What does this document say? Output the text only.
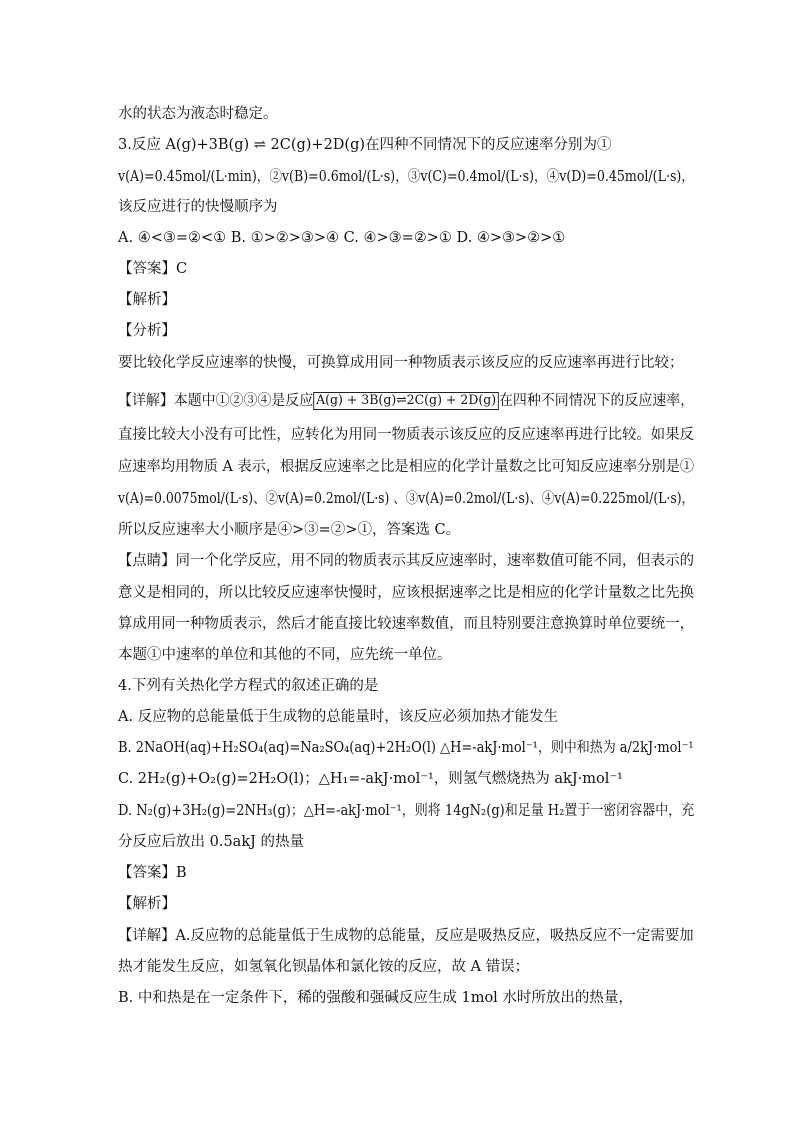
水的状态为液态时稳定。
3.反应 A(g)+3B(g) ⇌ 2C(g)+2D(g)在四种不同情况下的反应速率分别为①
v(A)=0.45mol/(L·min)，②v(B)=0.6mol/(L·s)，③v(C)=0.4mol/(L·s)，④v(D)=0.45mol/(L·s)，
该反应进行的快慢顺序为
A. ④<③=②<① B. ①>②>③>④ C. ④>③=②>① D. ④>③>②>①
【答案】C
【解析】
【分析】
要比较化学反应速率的快慢，可换算成用同一种物质表示该反应的反应速率再进行比较；
【详解】本题中①②③④是反应 A(g) + 3B(g)⇌2C(g) + 2D(g) 在四种不同情况下的反应速率，
直接比较大小没有可比性，应转化为用同一物质表示该反应的反应速率再进行比较。如果反
应速率均用物质 A 表示，根据反应速率之比是相应的化学计量数之比可知反应速率分别是①
v(A)=0.0075mol/(L·s)、②v(A)=0.2mol/(L·s) 、③v(A)=0.2mol/(L·s)、④v(A)=0.225mol/(L·s)，
所以反应速率大小顺序是④>③=②>①，答案选 C。
【点睛】同一个化学反应，用不同的物质表示其反应速率时，速率数值可能不同，但表示的
意义是相同的，所以比较反应速率快慢时，应该根据速率之比是相应的化学计量数之比先换
算成用同一种物质表示，然后才能直接比较速率数值，而且特别要注意换算时单位要统一，
本题①中速率的单位和其他的不同，应先统一单位。
4.下列有关热化学方程式的叙述正确的是
A. 反应物的总能量低于生成物的总能量时，该反应必须加热才能发生
B. 2NaOH(aq)+H₂SO₄(aq)=Na₂SO₄(aq)+2H₂O(l) △H=-akJ·mol⁻¹，则中和热为 a/2kJ·mol⁻¹
C. 2H₂(g)+O₂(g)=2H₂O(l)；△H₁=-akJ·mol⁻¹，则氢气燃烧热为 akJ·mol⁻¹
D. N₂(g)+3H₂(g)=2NH₃(g)；△H=-akJ·mol⁻¹，则将 14gN₂(g)和足量 H₂置于一密闭容器中，充
分反应后放出 0.5akJ 的热量
【答案】B
【解析】
【详解】A.反应物的总能量低于生成物的总能量，反应是吸热反应，吸热反应不一定需要加
热才能发生反应，如氢氧化钡晶体和氯化铵的反应，故 A 错误；
B. 中和热是在一定条件下，稀的强酸和强碱反应生成 1mol 水时所放出的热量，
